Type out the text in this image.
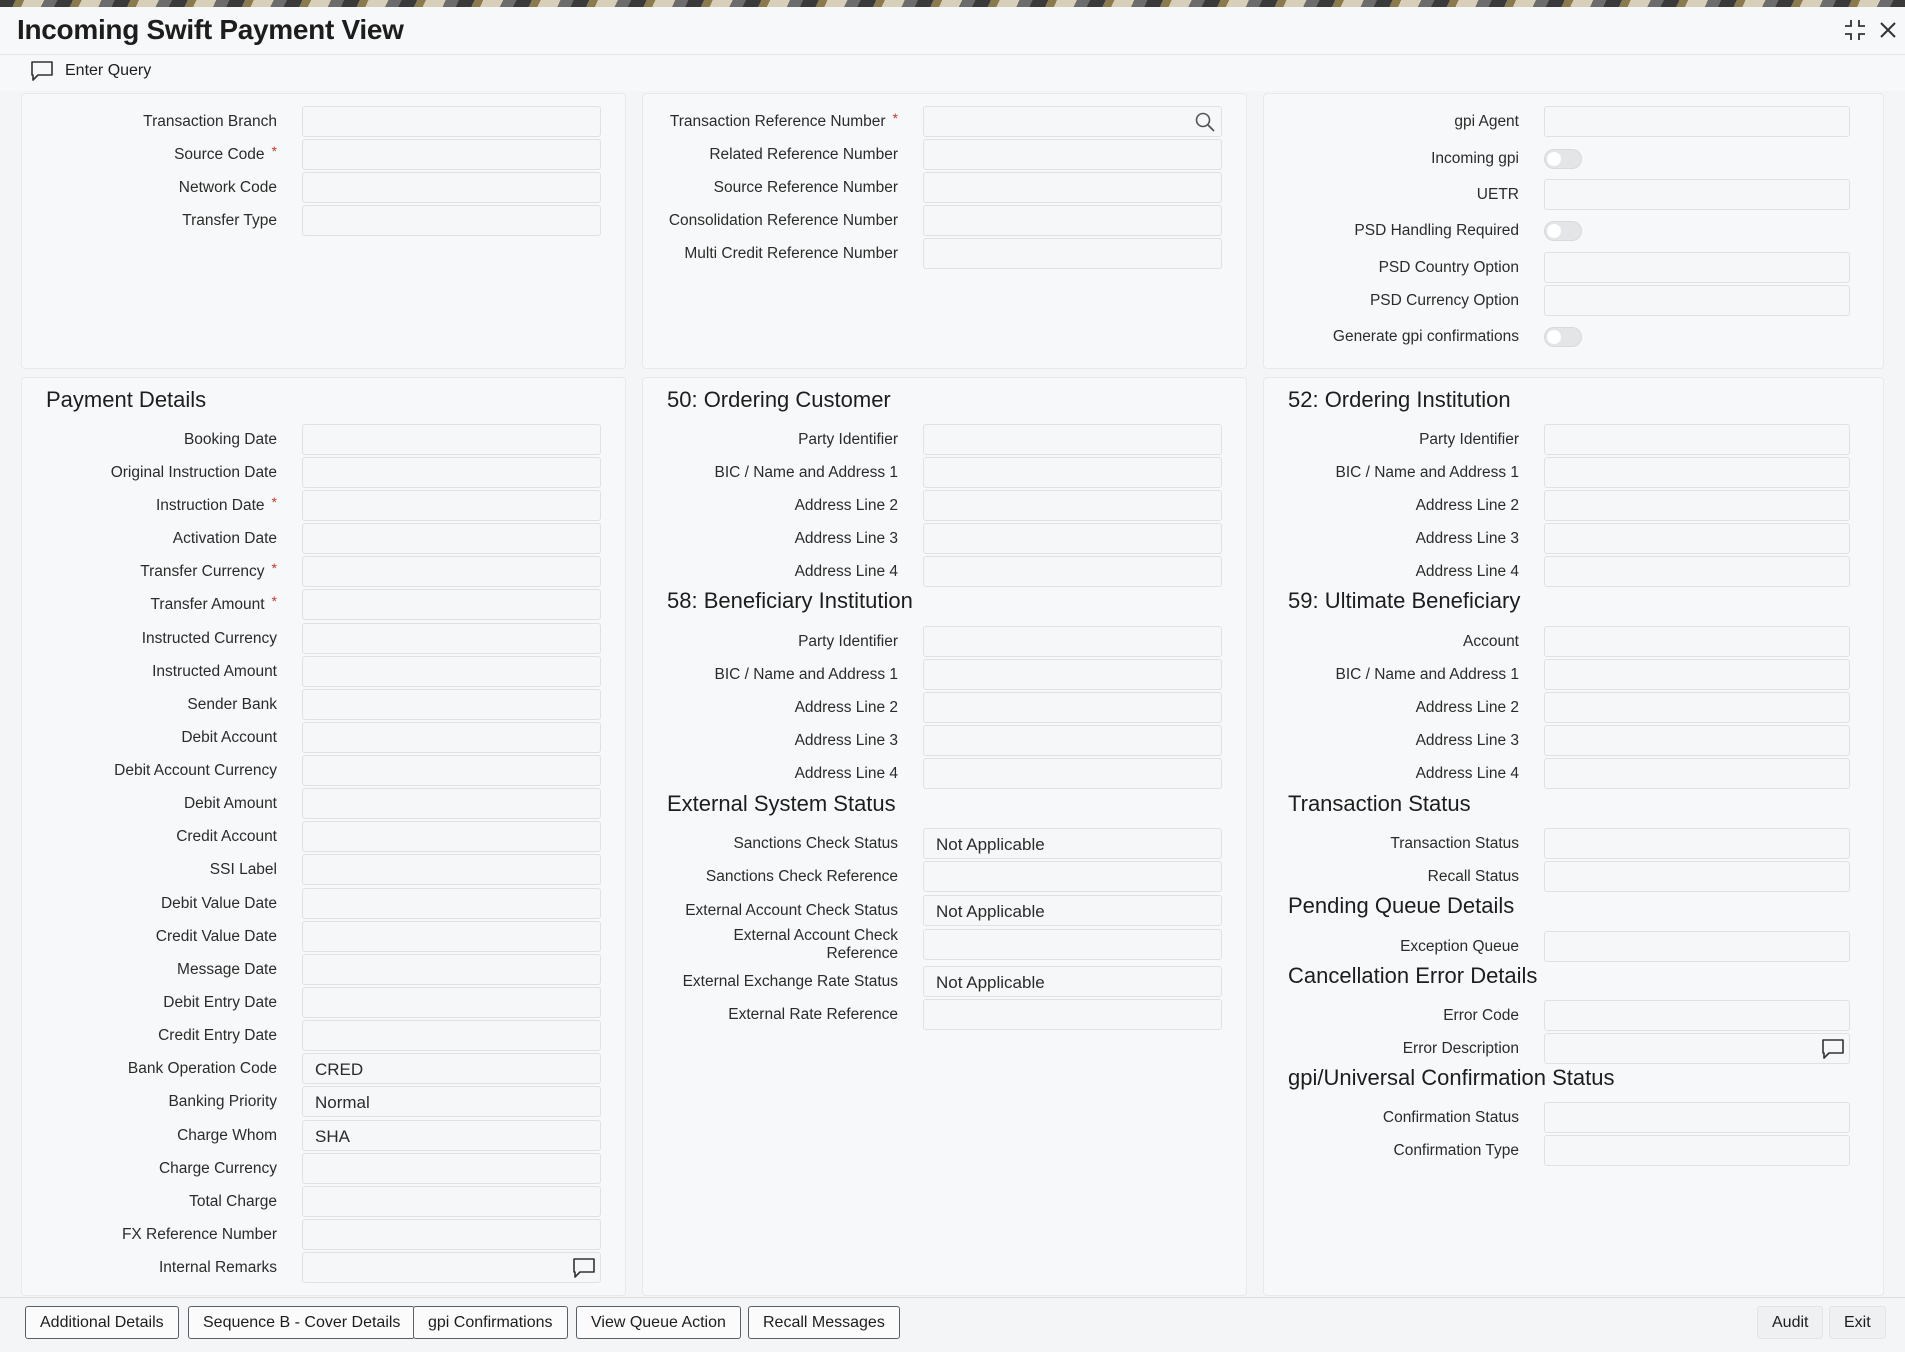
Incoming Swift Payment View
Enter Query
Transaction Branch
Source Code *
Network Code
Transfer Type
Transaction Reference Number *
Related Reference Number
Source Reference Number
Consolidation Reference Number
Multi Credit Reference Number
gpi Agent
Incoming gpi
UETR
PSD Handling Required
PSD Country Option
PSD Currency Option
Generate gpi confirmations
Payment Details
Booking Date
Original Instruction Date
Instruction Date *
Activation Date
Transfer Currency *
Transfer Amount *
Instructed Currency
Instructed Amount
Sender Bank
Debit Account
Debit Account Currency
Debit Amount
Credit Account
SSI Label
Debit Value Date
Credit Value Date
Message Date
Debit Entry Date
Credit Entry Date
Bank Operation Code	CRED
Banking Priority	Normal
Charge Whom	SHA
Charge Currency
Total Charge
FX Reference Number
Internal Remarks
50: Ordering Customer
Party Identifier
BIC / Name and Address 1
Address Line 2
Address Line 3
Address Line 4
58: Beneficiary Institution
Party Identifier
BIC / Name and Address 1
Address Line 2
Address Line 3
Address Line 4
External System Status
Sanctions Check Status	Not Applicable
Sanctions Check Reference
External Account Check Status	Not Applicable
External Account Check Reference
External Exchange Rate Status	Not Applicable
External Rate Reference
52: Ordering Institution
Party Identifier
BIC / Name and Address 1
Address Line 2
Address Line 3
Address Line 4
59: Ultimate Beneficiary
Account
BIC / Name and Address 1
Address Line 2
Address Line 3
Address Line 4
Transaction Status
Transaction Status
Recall Status
Pending Queue Details
Exception Queue
Cancellation Error Details
Error Code
Error Description
gpi/Universal Confirmation Status
Confirmation Status
Confirmation Type
Additional Details	Sequence B - Cover Details	gpi Confirmations	View Queue Action	Recall Messages	Audit	Exit
